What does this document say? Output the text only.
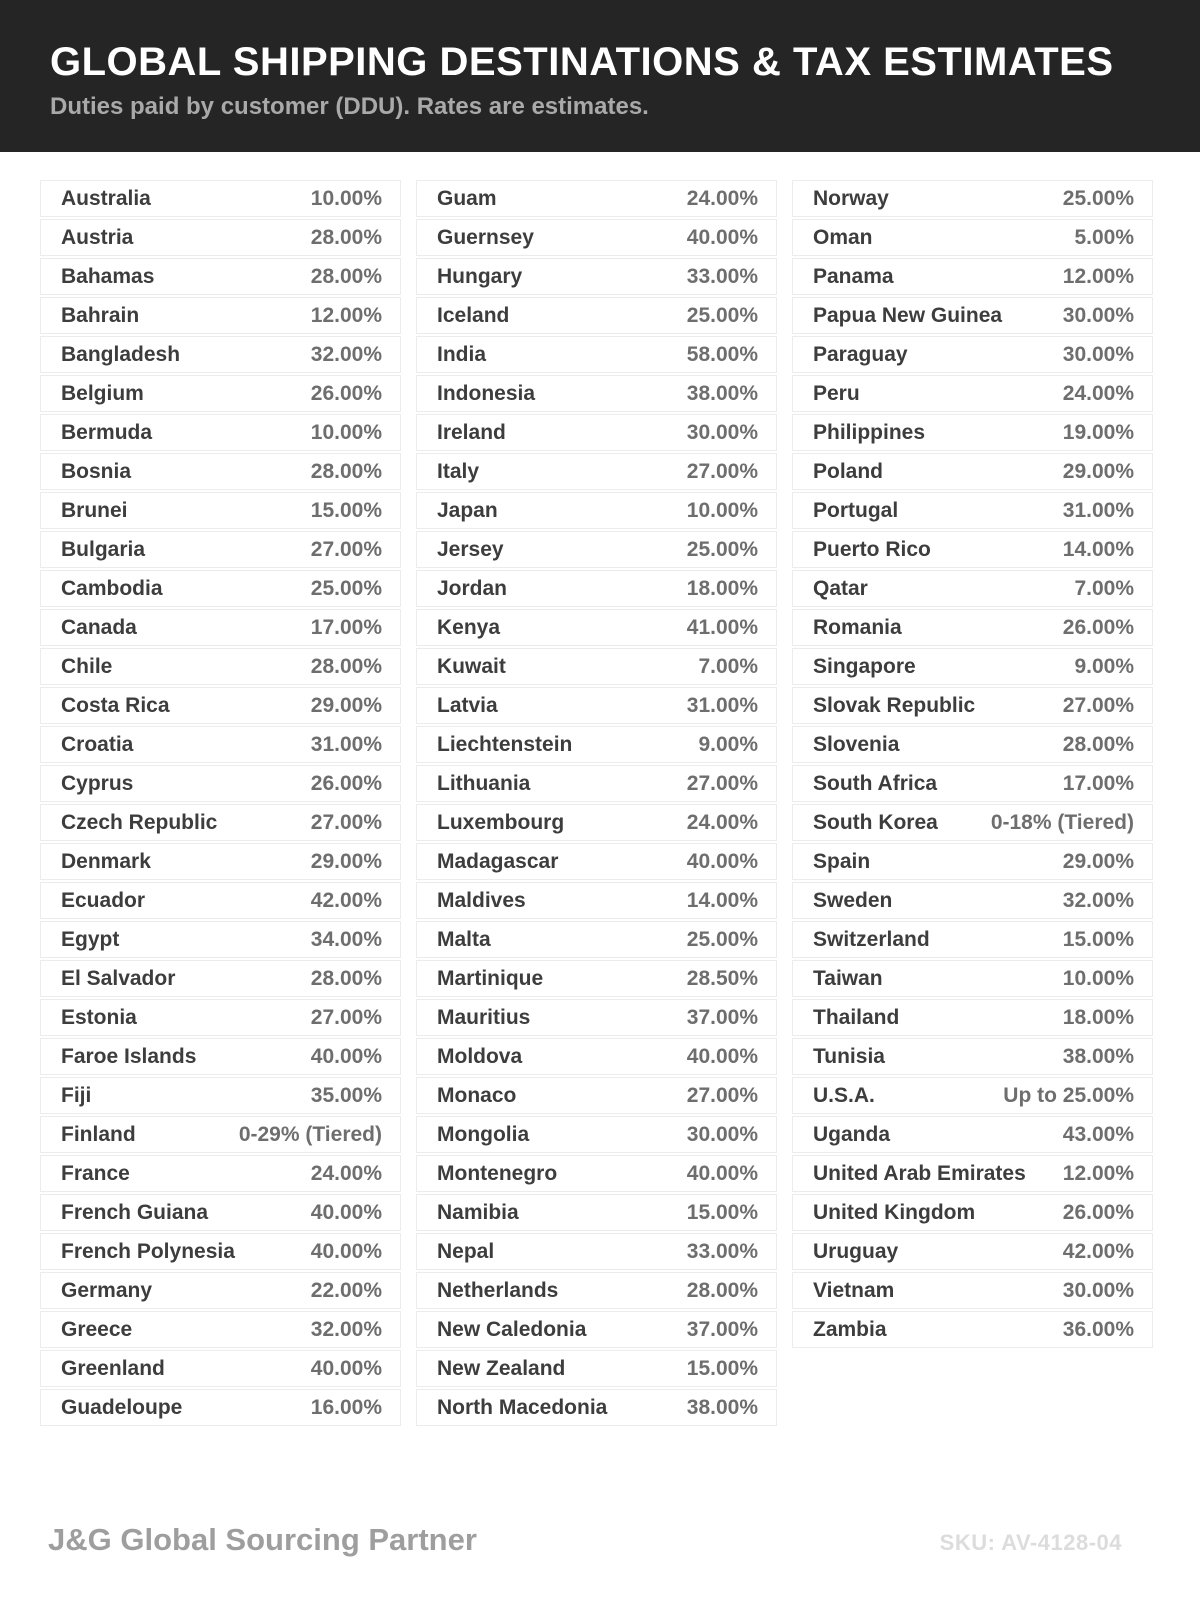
GLOBAL SHIPPING DESTINATIONS & TAX ESTIMATES
Duties paid by customer (DDU). Rates are estimates.
Australia	10.00%
Austria	28.00%
Bahamas	28.00%
Bahrain	12.00%
Bangladesh	32.00%
Belgium	26.00%
Bermuda	10.00%
Bosnia	28.00%
Brunei	15.00%
Bulgaria	27.00%
Cambodia	25.00%
Canada	17.00%
Chile	28.00%
Costa Rica	29.00%
Croatia	31.00%
Cyprus	26.00%
Czech Republic	27.00%
Denmark	29.00%
Ecuador	42.00%
Egypt	34.00%
El Salvador	28.00%
Estonia	27.00%
Faroe Islands	40.00%
Fiji	35.00%
Finland	0-29% (Tiered)
France	24.00%
French Guiana	40.00%
French Polynesia	40.00%
Germany	22.00%
Greece	32.00%
Greenland	40.00%
Guadeloupe	16.00%
Guam	24.00%
Guernsey	40.00%
Hungary	33.00%
Iceland	25.00%
India	58.00%
Indonesia	38.00%
Ireland	30.00%
Italy	27.00%
Japan	10.00%
Jersey	25.00%
Jordan	18.00%
Kenya	41.00%
Kuwait	7.00%
Latvia	31.00%
Liechtenstein	9.00%
Lithuania	27.00%
Luxembourg	24.00%
Madagascar	40.00%
Maldives	14.00%
Malta	25.00%
Martinique	28.50%
Mauritius	37.00%
Moldova	40.00%
Monaco	27.00%
Mongolia	30.00%
Montenegro	40.00%
Namibia	15.00%
Nepal	33.00%
Netherlands	28.00%
New Caledonia	37.00%
New Zealand	15.00%
North Macedonia	38.00%
Norway	25.00%
Oman	5.00%
Panama	12.00%
Papua New Guinea	30.00%
Paraguay	30.00%
Peru	24.00%
Philippines	19.00%
Poland	29.00%
Portugal	31.00%
Puerto Rico	14.00%
Qatar	7.00%
Romania	26.00%
Singapore	9.00%
Slovak Republic	27.00%
Slovenia	28.00%
South Africa	17.00%
South Korea	0-18% (Tiered)
Spain	29.00%
Sweden	32.00%
Switzerland	15.00%
Taiwan	10.00%
Thailand	18.00%
Tunisia	38.00%
U.S.A.	Up to 25.00%
Uganda	43.00%
United Arab Emirates 12.00%
United Kingdom	26.00%
Uruguay	42.00%
Vietnam	30.00%
Zambia	36.00%
J&G Global Sourcing Partner	SKU: AV-4128-04
